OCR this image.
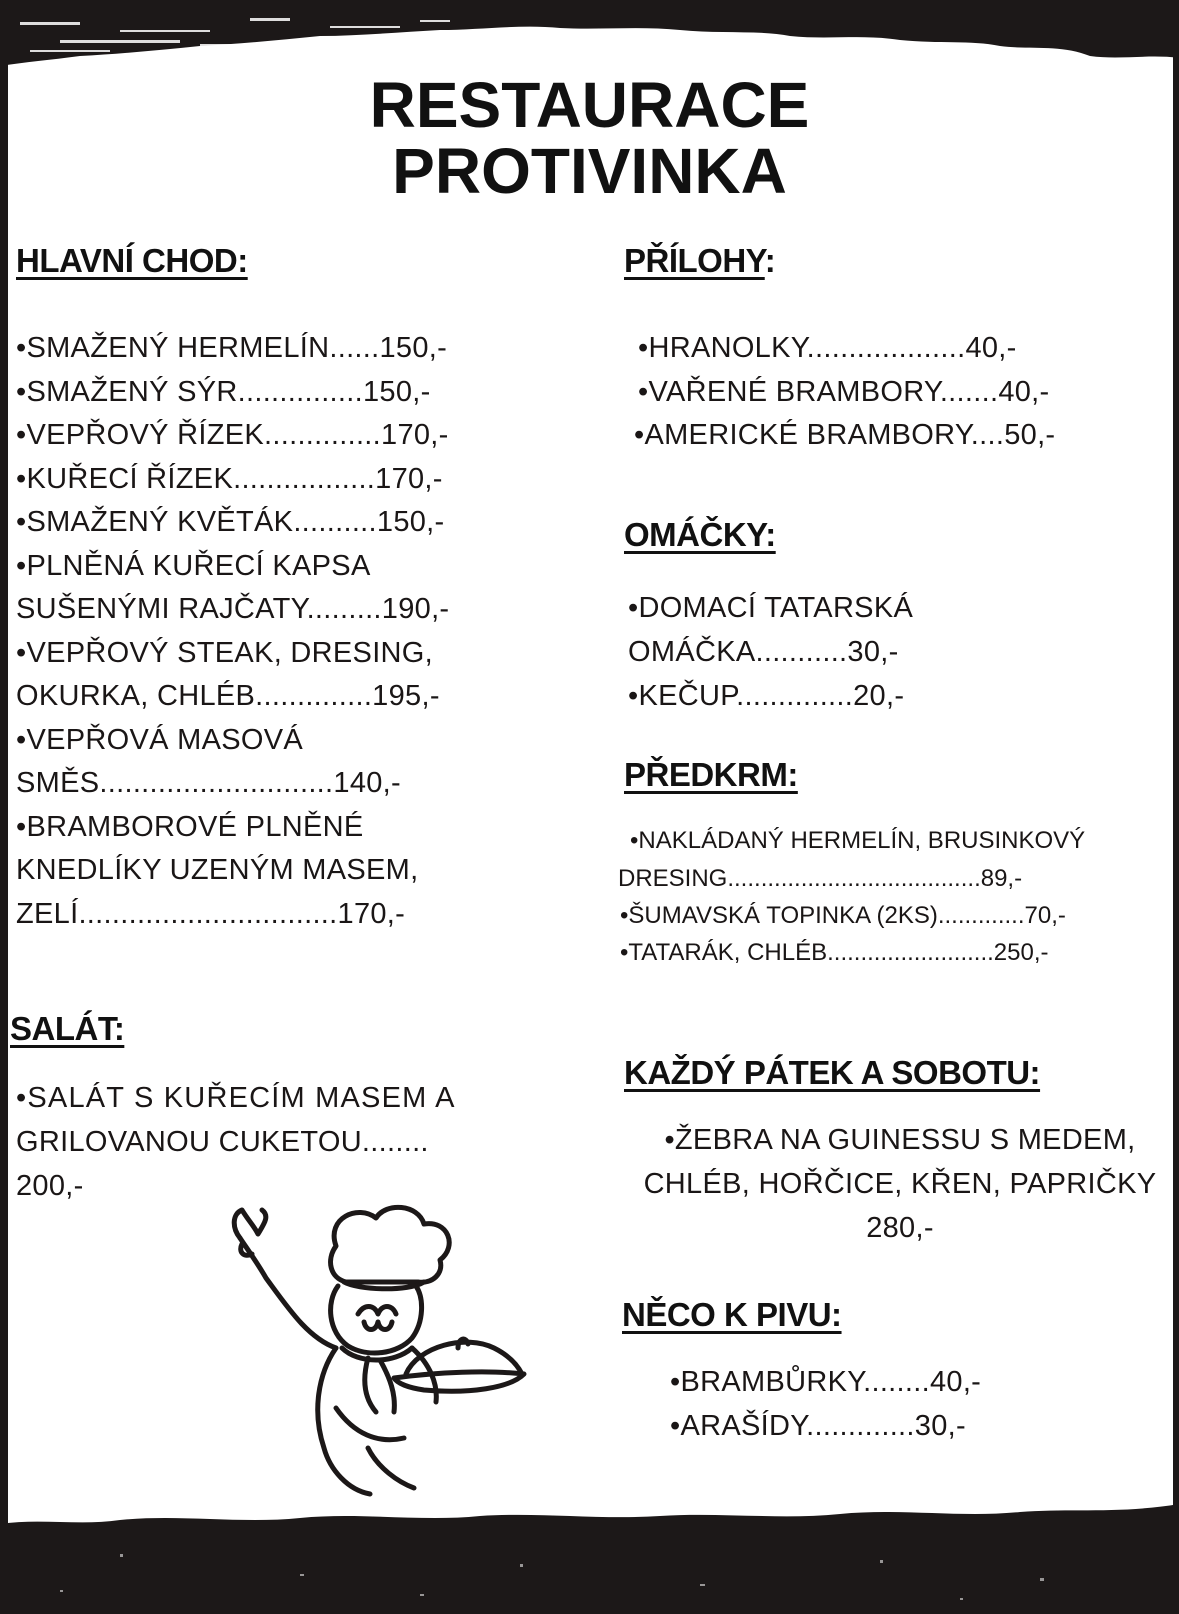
RESTAURACE
PROTIVINKA
HLAVNÍ CHOD:

•SMAŽENÝ HERMELÍN......150,-

•SMAŽENÝ SÝR...............150,-

•VEPŘOVÝ ŘÍZEK..............170,-

•KUŘECÍ ŘÍZEK.................170,-

•SMAŽENÝ KVĚTÁK..........150,-

•PLNĚNÁ KUŘECÍ KAPSA

SUŠENÝMI RAJČATY.........190,-

•VEPŘOVÝ STEAK, DRESING,

OKURKA, CHLÉB..............195,-

•VEPŘOVÁ MASOVÁ

SMĚS............................140,-

•BRAMBOROVÉ PLNĚNÉ

KNEDLÍKY UZENÝM MASEM,

ZELÍ...............................170,-

SALÁT:

•SALÁT S KUŘECÍM MASEM A

GRILOVANOU CUKETOU........

200,-

PŘÍLOHY:

•HRANOLKY...................40,-

•VAŘENÉ BRAMBORY.......40,-

•AMERICKÉ BRAMBORY....50,-

OMÁČKY:

•DOMACÍ TATARSKÁ

OMÁČKA...........30,-

•KEČUP..............20,-

PŘEDKRM:

•NAKLÁDANÝ HERMELÍN, BRUSINKOVÝ

DRESING......................................89,-

•ŠUMAVSKÁ TOPINKA (2KS).............70,-

•TATARÁK, CHLÉB.........................250,-

KAŽDÝ PÁTEK A SOBOTU:

•ŽEBRA NA GUINESSU S MEDEM,

CHLÉB, HOŘČICE, KŘEN, PAPRIČKY

280,-

NĚCO K PIVU:

•BRAMBŮRKY........40,-

•ARAŠÍDY.............30,-
